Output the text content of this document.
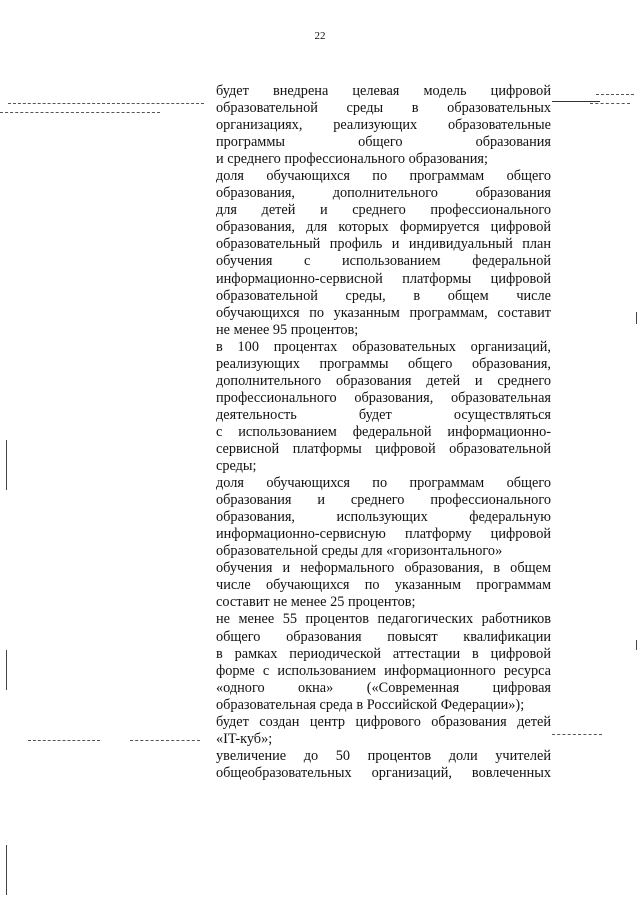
22
будет внедрена целевая модель цифровой
образовательной среды в образовательных
организациях, реализующих образовательные
программы общего образования
и среднего профессионального образования;
доля обучающихся по программам общего
образования, дополнительного образования
для детей и среднего профессионального
образования, для которых формируется цифровой
образовательный профиль и индивидуальный план
обучения с использованием федеральной
информационно-сервисной платформы цифровой
образовательной среды, в общем числе
обучающихся по указанным программам, составит
не менее 95 процентов;
в 100 процентах образовательных организаций,
реализующих программы общего образования,
дополнительного образования детей и среднего
профессионального образования, образовательная
деятельность будет осуществляться
с использованием федеральной информационно-
сервисной платформы цифровой образовательной
среды;
доля обучающихся по программам общего
образования и среднего профессионального
образования, использующих федеральную
информационно-сервисную платформу цифровой
образовательной среды для «горизонтального»
обучения и неформального образования, в общем
числе обучающихся по указанным программам
составит не менее 25 процентов;
не менее 55 процентов педагогических работников
общего образования повысят квалификации
в рамках периодической аттестации в цифровой
форме с использованием информационного ресурса
«одного окна» («Современная цифровая
образовательная среда в Российской Федерации»);
будет создан центр цифрового образования детей
«IT-куб»;
увеличение до 50 процентов доли учителей
общеобразовательных организаций, вовлеченных
